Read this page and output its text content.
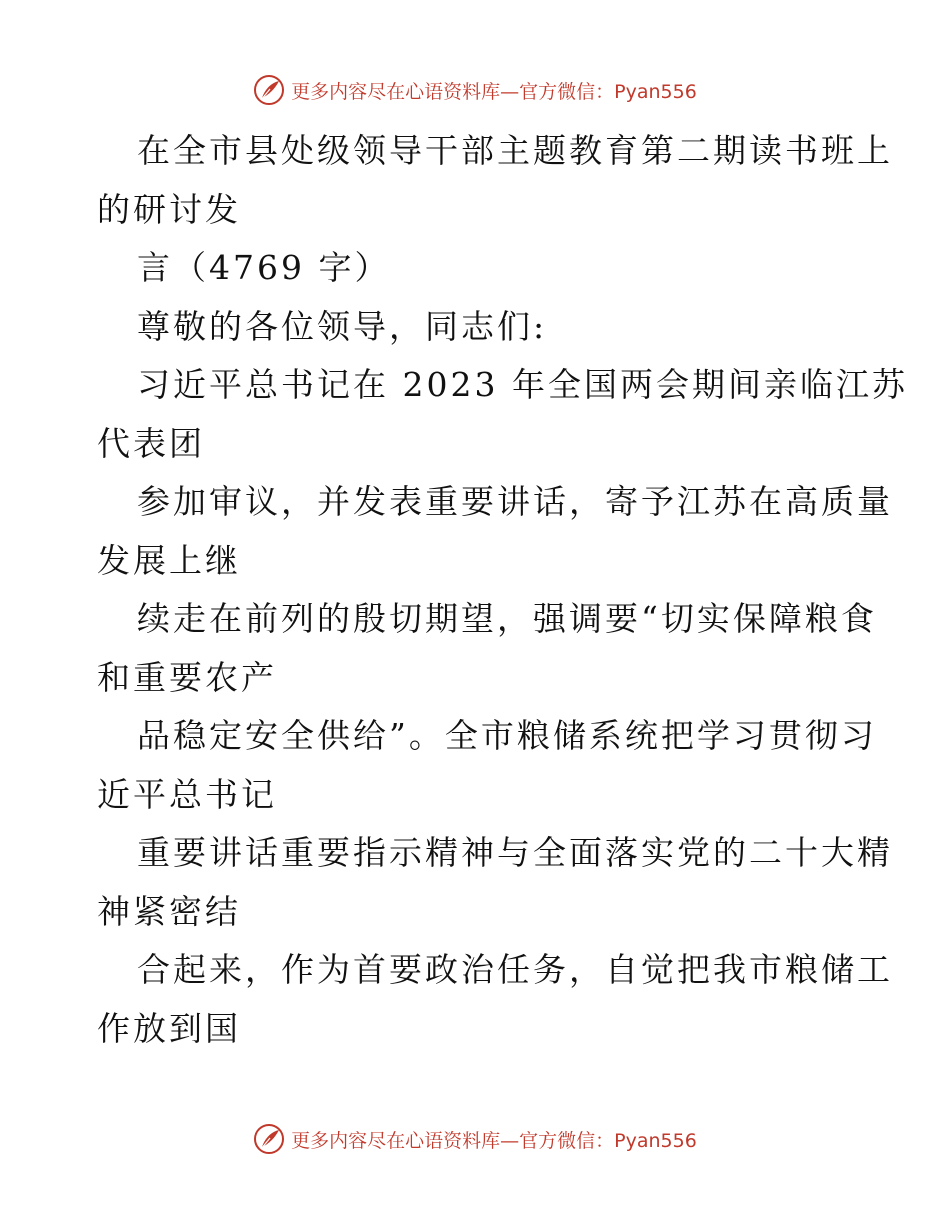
更多内容尽在心语资料库—官方微信：Pyan556
在全市县处级领导干部主题教育第二期读书班上
的研讨发
言（4769 字）
尊敬的各位领导，同志们:
习近平总书记在 2023 年全国两会期间亲临江苏
代表团
参加审议，并发表重要讲话，寄予江苏在高质量
发展上继
续走在前列的殷切期望，强调要“切实保障粮食
和重要农产
品稳定安全供给”。全市粮储系统把学习贯彻习
近平总书记
重要讲话重要指示精神与全面落实党的二十大精
神紧密结
合起来，作为首要政治任务，自觉把我市粮储工
作放到国
更多内容尽在心语资料库—官方微信：Pyan556
